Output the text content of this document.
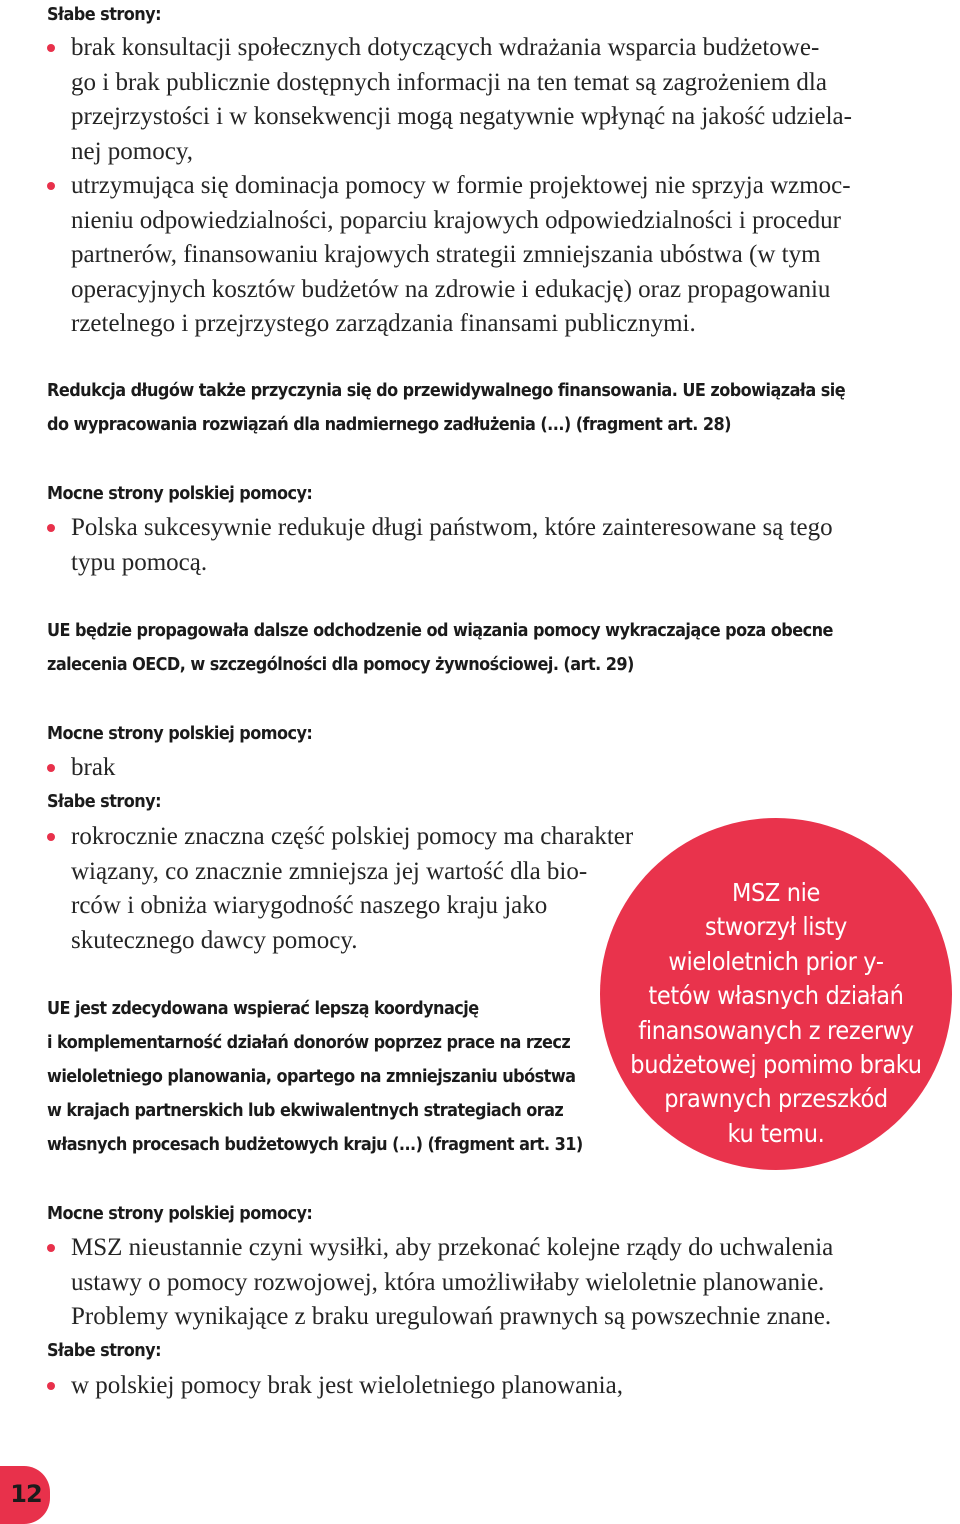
Słabe strony:
brak konsultacji społecznych dotyczących wdrażania wsparcia budżetowe-
go i brak publicznie dostępnych informacji na ten temat są zagrożeniem dla
przejrzystości i w konsekwencji mogą negatywnie wpłynąć na jakość udziela-
nej pomocy,
utrzymująca się dominacja pomocy w formie projektowej nie sprzyja wzmoc-
nieniu odpowiedzialności, poparciu krajowych odpowiedzialności i procedur
partnerów, finansowaniu krajowych strategii zmniejszania ubóstwa (w tym
operacyjnych kosztów budżetów na zdrowie i edukację) oraz propagowaniu
rzetelnego i przejrzystego zarządzania finansami publicznymi.
Redukcja długów także przyczynia się do przewidywalnego finansowania. UE zobowiązała się
do wypracowania rozwiązań dla nadmiernego zadłużenia (...) (fragment art. 28)
Mocne strony polskiej pomocy:
Polska sukcesywnie redukuje długi państwom, które zainteresowane są tego
typu pomocą.
UE będzie propagowała dalsze odchodzenie od wiązania pomocy wykraczające poza obecne
zalecenia OECD, w szczególności dla pomocy żywnościowej. (art. 29)
Mocne strony polskiej pomocy:
brak
Słabe strony:
rokrocznie znaczna część polskiej pomocy ma charakter
wiązany, co znacznie zmniejsza jej wartość dla bio-
rców i obniża wiarygodność naszego kraju jako
skutecznego dawcy pomocy.
UE jest zdecydowana wspierać lepszą koordynację
i komplementarność działań donorów poprzez prace na rzecz
wieloletniego planowania, opartego na zmniejszaniu ubóstwa
w krajach partnerskich lub ekwiwalentnych strategiach oraz
własnych procesach budżetowych kraju (...) (fragment art. 31)
MSZ nie
stworzył listy
wieloletnich prior y-
tetów własnych działań
finansowanych z rezerwy
budżetowej pomimo braku
prawnych przeszkód
ku temu.
Mocne strony polskiej pomocy:
MSZ nieustannie czyni wysiłki, aby przekonać kolejne rządy do uchwalenia
ustawy o pomocy rozwojowej, która umożliwiłaby wieloletnie planowanie.
Problemy wynikające z braku uregulowań prawnych są powszechnie znane.
Słabe strony:
w polskiej pomocy brak jest wieloletniego planowania,
12
